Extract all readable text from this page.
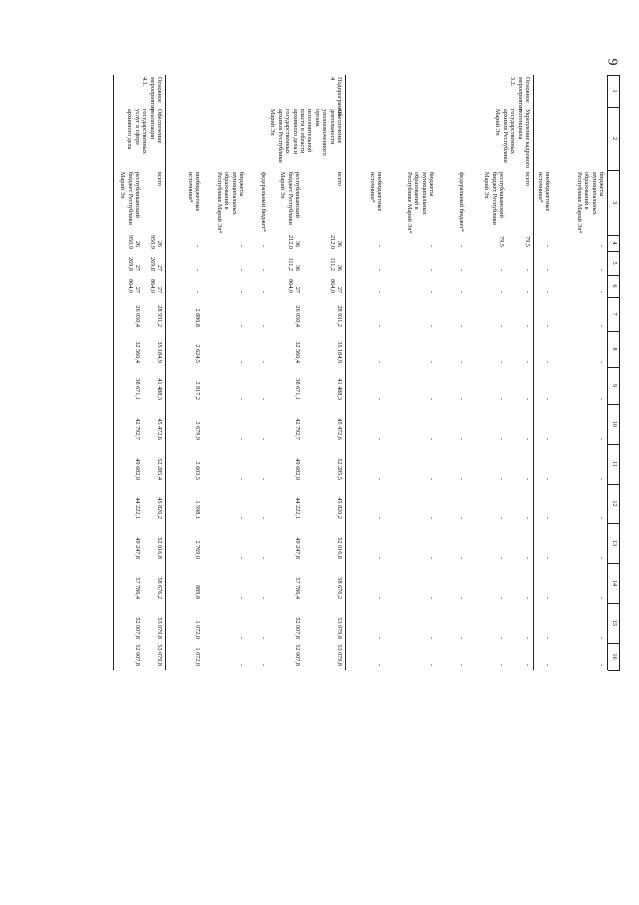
9
1
2
3
4
5
6
7
8
9
10
11
12
13
14
15
16
бюджеты муниципальных образований в Республике Марий Эл*
-
-
-
-
-
-
-
-
-
-
-
-
-
внебюджетные источники*
-
-
-
-
-
-
-
-
-
-
-
-
-
Основное мероприятие 3.2.
Укрепление кадрового потенциала государственных архивов Республики Марий Эл
всего
79,5
-
-
-
-
-
-
-
-
-
-
-
-
республиканский бюджет Республики Марий Эл
79,5
-
-
-
-
-
-
-
-
-
-
-
-
федеральный бюджет*
-
-
-
-
-
-
-
-
-
-
-
-
-
бюджеты муниципальных образований в Республике Марий Эл*
-
-
-
-
-
-
-
-
-
-
-
-
-
внебюджетные источники*
-
-
-
-
-
-
-
-
-
-
-
-
-
Подпрограмма 4
Обеспечение деятельности уполномоченного органа исполнительной власти в области архивного дела и государственных архивов Республики Марий Эл
всего
36 212,0
36 111,2
27 864,0
28 931,2
35 184,9
41 488,3
45 472,6
52 285,5
45 820,2
52 016,8
58 676,2
53 079,8
53 079,8
республиканский бюджет Республики Марий Эл
36 212,0
36 111,2
27 864,0
26 050,4
32 560,4
38 671,1
42 792,7
49 682,0
44 222,1
49 247,8
57 786,4
52 007,8
52 007,8
федеральный бюджет*
-
-
-
-
-
-
-
-
-
-
-
-
-
бюджеты муниципальных образований в Республике Марий Эл*
-
-
-
-
-
-
-
-
-
-
-
-
-
внебюджетные источники*
-
-
-
2 880,8
2 624,5
2 817,2
2 679,9
2 603,5
1 598,1
2 769,0
889,8
1 072,0
1 072,0
Основное мероприятие 4.1.
Обеспечение реализации государственных услуг в сфере архивного дела
всего
26 950,9
27 269,8
27 864,0
28 931,2
35 184,9
41 488,3
45 472,6
52 285,4
45 820,2
52 016,8
58 676,2
53 079,8
53 079,8
республиканский бюджет Республики Марий Эл
26 950,9
27 269,8
27 864,0
26 050,4
32 560,4
38 671,1
42 792,7
49 682,0
44 222,1
49 247,8
57 786,4
52 007,8
52 007,8
